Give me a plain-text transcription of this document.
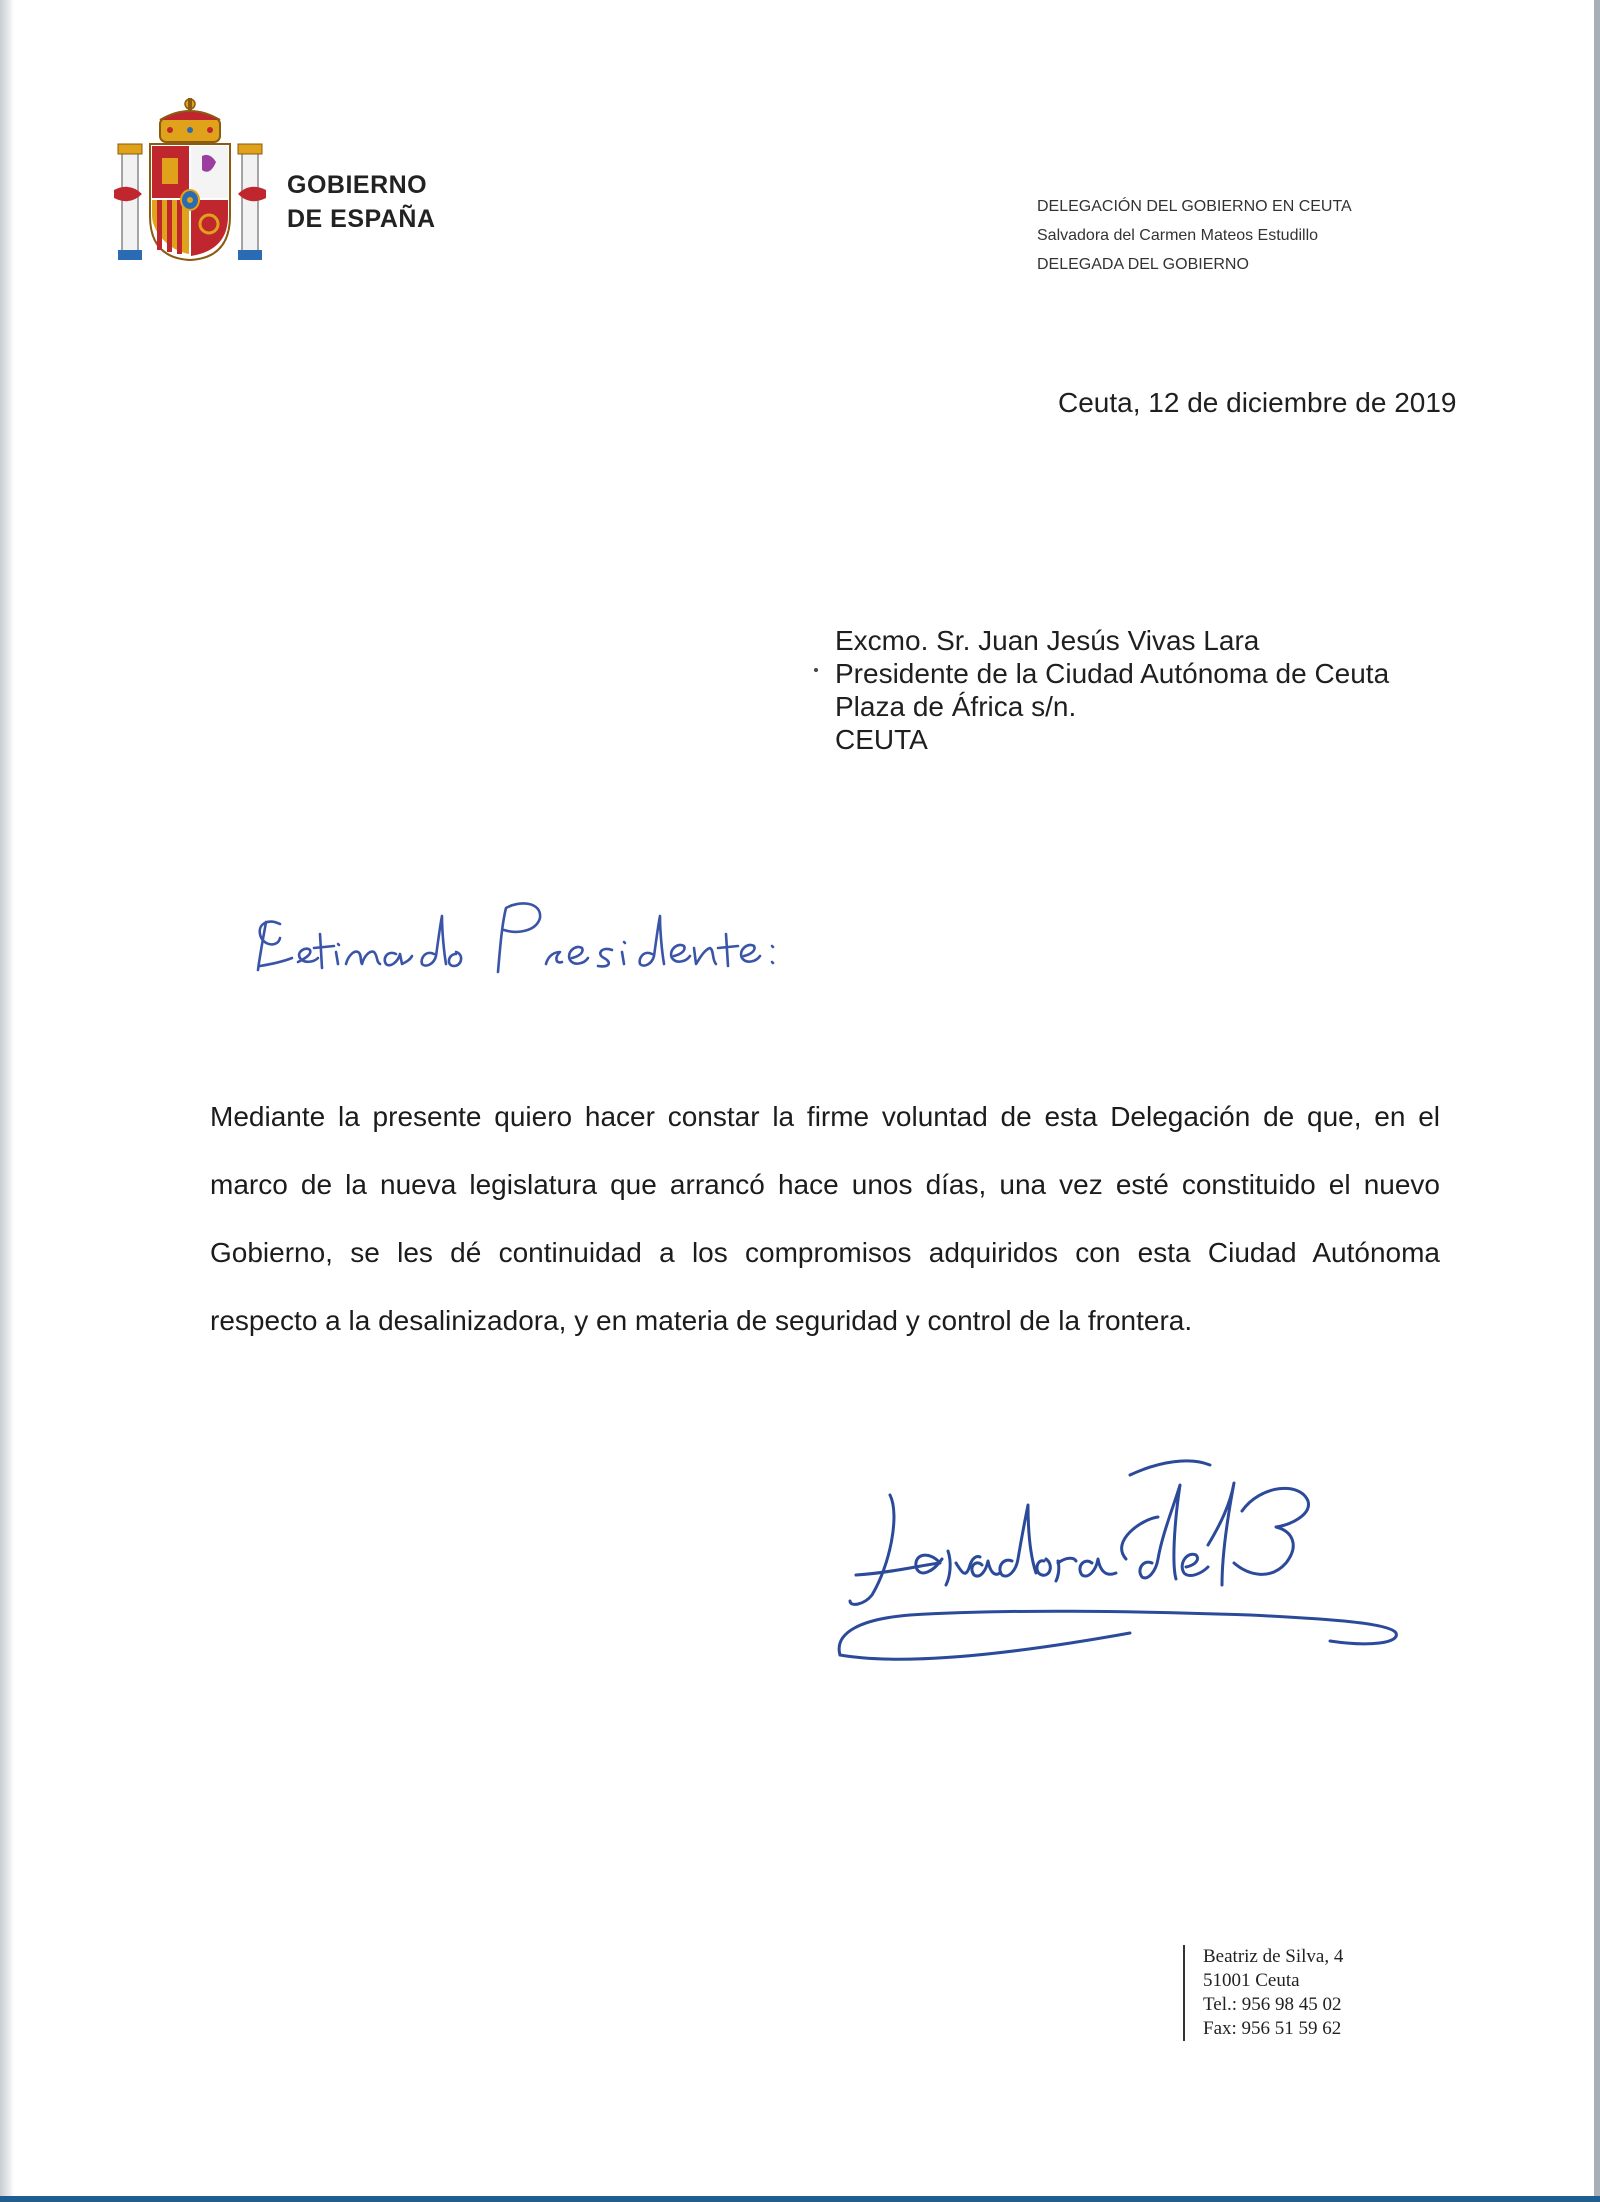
GOBIERNO
DE ESPAÑA	DELEGACIÓN DEL GOBIERNO EN CEUTA
Salvadora del Carmen Mateos Estudillo
DELEGADA DEL GOBIERNO
Ceuta, 12 de diciembre de 2019
Excmo. Sr. Juan Jesús Vivas Lara
Presidente de la Ciudad Autónoma de Ceuta
Plaza de África s/n.
CEUTA
Mediante la presente quiero hacer constar la firme voluntad de esta Delegación de que, en el marco de la nueva legislatura que arrancó hace unos días, una vez esté constituido el nuevo Gobierno, se les dé continuidad a los compromisos adquiridos con esta Ciudad Autónoma respecto a la desalinizadora, y en materia de seguridad y control de la frontera.
Beatriz de Silva, 4
51001 Ceuta
Tel.: 956 98 45 02
Fax: 956 51 59 62
